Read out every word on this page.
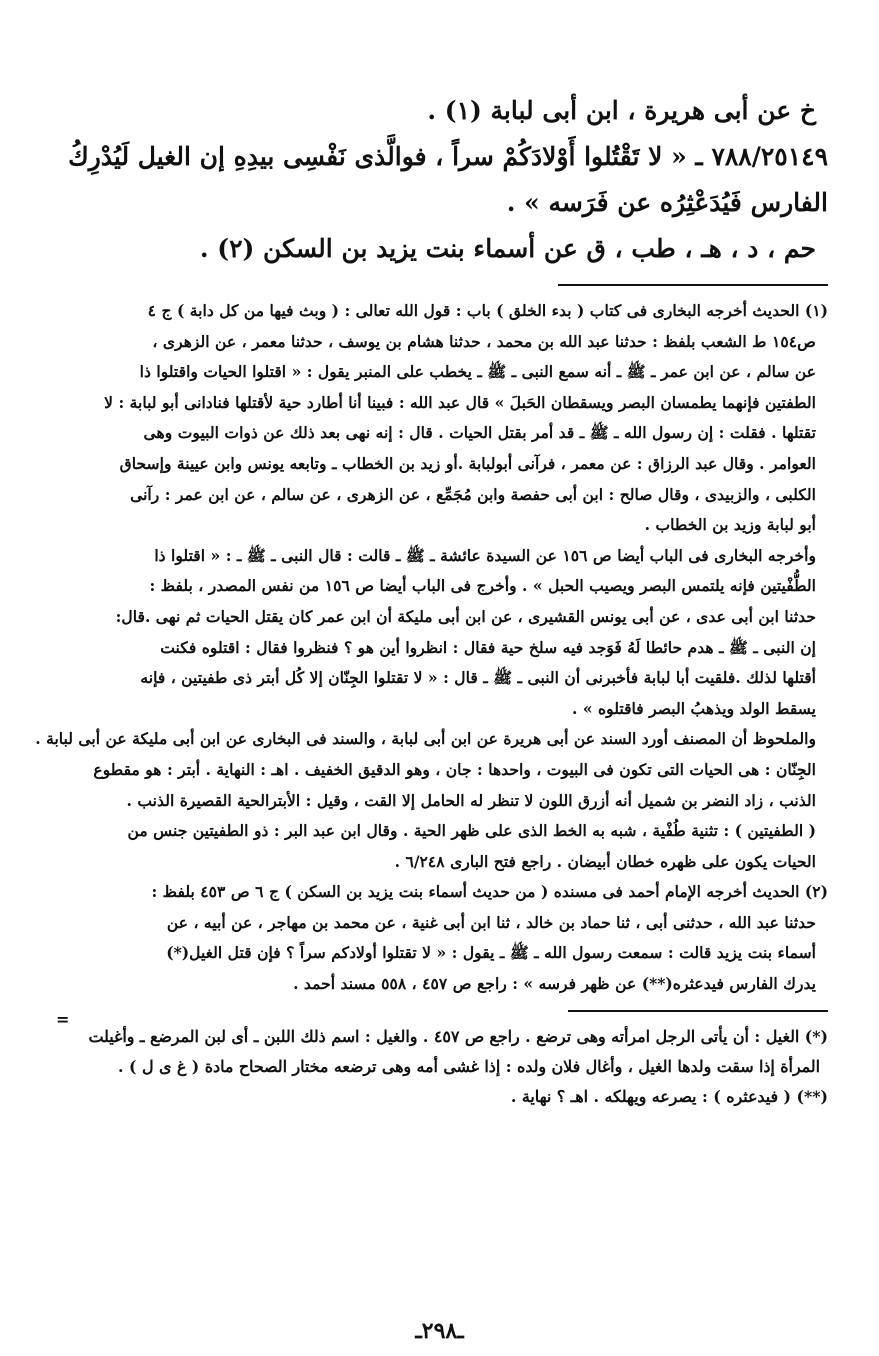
خ عن أبى هريرة ، ابن أبى لبابة (١) .

٧٨٨/٢٥١٤٩ ـ « لا تَقْتُلوا أَوْلادَكُمْ سراً ، فوالَّذى نَفْسِى بيدِهِ إن الغيل لَيُدْرِكُ

الفارس فَيُدَعْثِرُه عن فَرَسه » .

حم ، د ، هـ ، طب ، ق عن أسماء بنت يزيد بن السكن (٢) .

(١) الحديث أخرجه البخارى فى كتاب ( بدء الخلق ) باب : قول الله تعالى : ( وبث فيها من كل دابة ) ج ٤

ص١٥٤ ط الشعب بلفظ : حدثنا عبد الله بن محمد ، حدثنا هشام بن يوسف ، حدثنا معمر ، عن الزهرى ،

عن سالم ، عن ابن عمر ـ ﷺ ـ أنه سمع النبى ـ ﷺ ـ يخطب على المنبر يقول : « اقتلوا الحيات واقتلوا ذا

الطفتين فإنهما يطمسان البصر ويسقطان الحَبلَ » قال عبد الله : فبينا أنا أطارد حية لأقتلها فنادانى أبو لبابة : لا

تقتلها . فقلت : إن رسول الله ـ ﷺ ـ قد أمر بقتل الحيات . قال : إنه نهى بعد ذلك عن ذوات البيوت وهى

العوامر . وقال عبد الرزاق : عن معمر ، فرآنى أبولبابة .أو زيد بن الخطاب ـ وتابعه يونس وابن عيينة وإسحاق

الكلبى ، والزبيدى ، وقال صالح : ابن أبى حفصة وابن مُجَمِّع ، عن الزهرى ، عن سالم ، عن ابن عمر : رآنى

أبو لبابة وزيد بن الخطاب .

وأخرجه البخارى فى الباب أيضا ص ١٥٦ عن السيدة عائشة ـ ﷺ ـ قالت : قال النبى ـ ﷺ ـ : « اقتلوا ذا

الطُّفْيتين فإنه يلتمس البصر ويصيب الحبل » . وأخرج فى الباب أيضا ص ١٥٦ من نفس المصدر ، بلفظ :

حدثنا ابن أبى عدى ، عن أبى يونس القشيرى ، عن ابن أبى مليكة أن ابن عمر كان يقتل الحيات ثم نهى .قال:

إن النبى ـ ﷺ ـ هدم حائطا لَهُ فَوَجد فيه سلخ حية فقال : انظروا أين هو ؟ فنظروا فقال : اقتلوه فكنت

أقتلها لذلك .فلقيت أبا لبابة فأخبرنى أن النبى ـ ﷺ ـ قال : « لا تقتلوا الجِنّان إلا كُل أبتر ذى طفيتين ، فإنه

يسقط الولد ويذهبُ البصر فاقتلوه » .

والملحوظ أن المصنف أورد السند عن أبى هريرة عن ابن أبى لبابة ، والسند فى البخارى عن ابن أبى مليكة عن أبى لبابة .

الجِنّان : هى الحيات التى تكون فى البيوت ، واحدها : جان ، وهو الدقيق الخفيف . اهـ : النهاية . أبتر : هو مقطوع

الذنب ، زاد النضر بن شميل أنه أزرق اللون لا تنظر له الحامل إلا القت ، وقيل : الأبترالحية القصيرة الذنب .

( الطفيتين ) : تثنية طُفْية ، شبه به الخط الذى على ظهر الحية . وقال ابن عبد البر : ذو الطفيتين جنس من

الحيات يكون على ظهره خطان أبيضان . راجع فتح البارى ٦/٢٤٨ .

(٢) الحديث أخرجه الإمام أحمد فى مسنده ( من حديث أسماء بنت يزيد بن السكن ) ج ٦ ص ٤٥٣ بلفظ :

حدثنا عبد الله ، حدثنى أبى ، ثنا حماد بن خالد ، ثنا ابن أبى غنية ، عن محمد بن مهاجر ، عن أبيه ، عن

أسماء بنت يزيد قالت : سمعت رسول الله ـ ﷺ ـ يقول : « لا تقتلوا أولادكم سراً ؟ فإن قتل الغيل(*)

يدرك الفارس فيدعثره(**) عن ظهر فرسه » : راجع ص ٤٥٧ ، ٥٥٨ مسند أحمد .

(*) الغيل : أن يأتى الرجل امرأته وهى ترضع . راجع ص ٤٥٧ . والغيل : اسم ذلك اللبن ـ أى لبن المرضع ـ وأغيلت

المرأة إذا سقت ولدها الغيل ، وأغال فلان ولده : إذا غشى أمه وهى ترضعه مختار الصحاح مادة ( غ ى ل ) .

(**) ( فيدعثره ) : يصرعه ويهلكه . اهـ ؟ نهاية .

=
ـ٢٩٨ـ
